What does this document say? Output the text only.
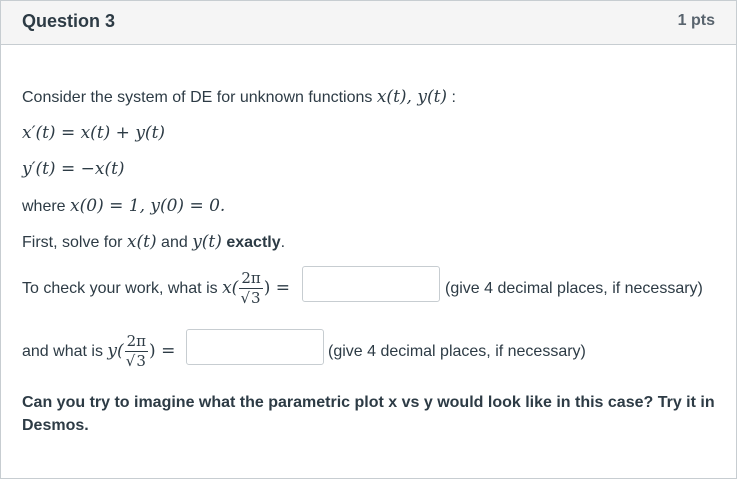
Question 3	1 pts
Consider the system of DE for unknown functions x(t), y(t) :
x′(t) = x(t) + y(t)
y′(t) = −x(t)
where x(0) = 1, y(0) = 0.
First, solve for x(t) and y(t) exactly.
To check your work, what is $x( \frac{2\pi}{√3}$ ) =	(give 4 decimal places, if necessary)
and what is $y( \frac{2\pi}{√3}$ ) =	(give 4 decimal places, if necessary)
Can you try to imagine what the parametric plot x vs y would look like in this case? Try it in
Desmos.
